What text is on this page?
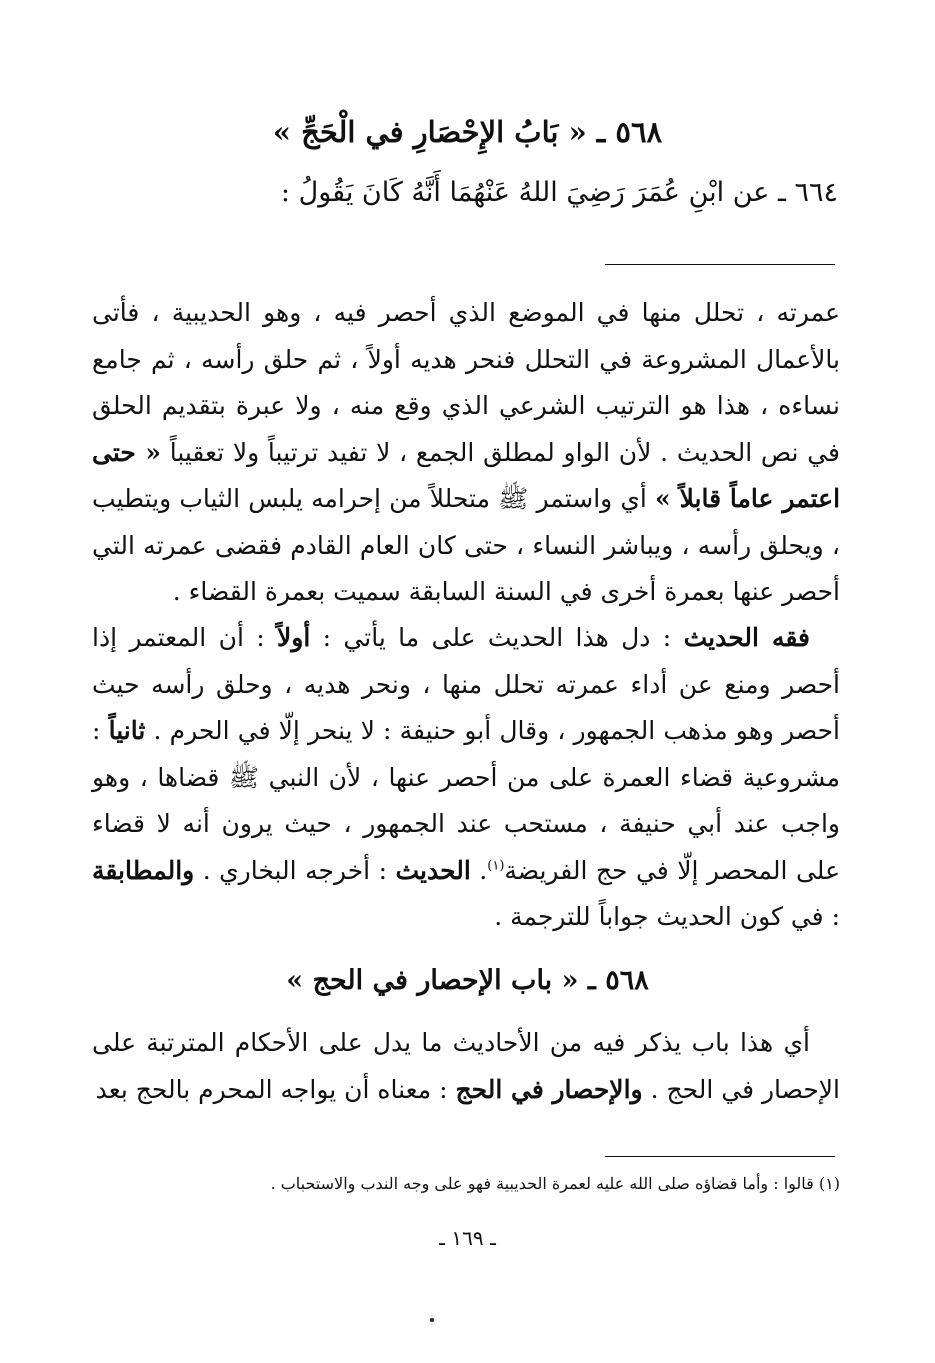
٥٦٨ ـ « بَابُ الإِحْصَارِ في الْحَجِّ »
٦٦٤ ـ عن ابْنِ عُمَرَ رَضِيَ اللهُ عَنْهُمَا أَنَّهُ كَانَ يَقُولُ :

عمرته ، تحلل منها في الموضع الذي أحصر فيه ، وهو الحديبية ، فأتى بالأعمال المشروعة في التحلل فنحر هديه أولاً ، ثم حلق رأسه ، ثم جامع نساءه ، هذا هو الترتيب الشرعي الذي وقع منه ، ولا عبرة بتقديم الحلق في نص الحديث . لأن الواو لمطلق الجمع ، لا تفيد ترتيباً ولا تعقيباً « حتى اعتمر عاماً قابلاً » أي واستمر ﷺ متحللاً من إحرامه يلبس الثياب ويتطيب ، ويحلق رأسه ، ويباشر النساء ، حتى كان العام القادم فقضى عمرته التي أحصر عنها بعمرة أخرى في السنة السابقة سميت بعمرة القضاء .

فقه الحديث : دل هذا الحديث على ما يأتي : أولاً : أن المعتمر إذا أحصر ومنع عن أداء عمرته تحلل منها ، ونحر هديه ، وحلق رأسه حيث أحصر وهو مذهب الجمهور ، وقال أبو حنيفة : لا ينحر إلّا في الحرم . ثانياً : مشروعية قضاء العمرة على من أحصر عنها ، لأن النبي ﷺ قضاها ، وهو واجب عند أبي حنيفة ، مستحب عند الجمهور ، حيث يرون أنه لا قضاء على المحصر إلّا في حج الفريضة$^{(١)}$. الحديث : أخرجه البخاري . والمطابقة : في كون الحديث جواباً للترجمة .

٥٦٨ ـ « باب الإحصار في الحج »

أي هذا باب يذكر فيه من الأحاديث ما يدل على الأحكام المترتبة على الإحصار في الحج . والإحصار في الحج : معناه أن يواجه المحرم بالحج بعد

(١) قالوا : وأما قضاؤه صلى الله عليه لعمرة الحديبية فهو على وجه الندب والاستحباب .
ـ ١٦٩ ـ
